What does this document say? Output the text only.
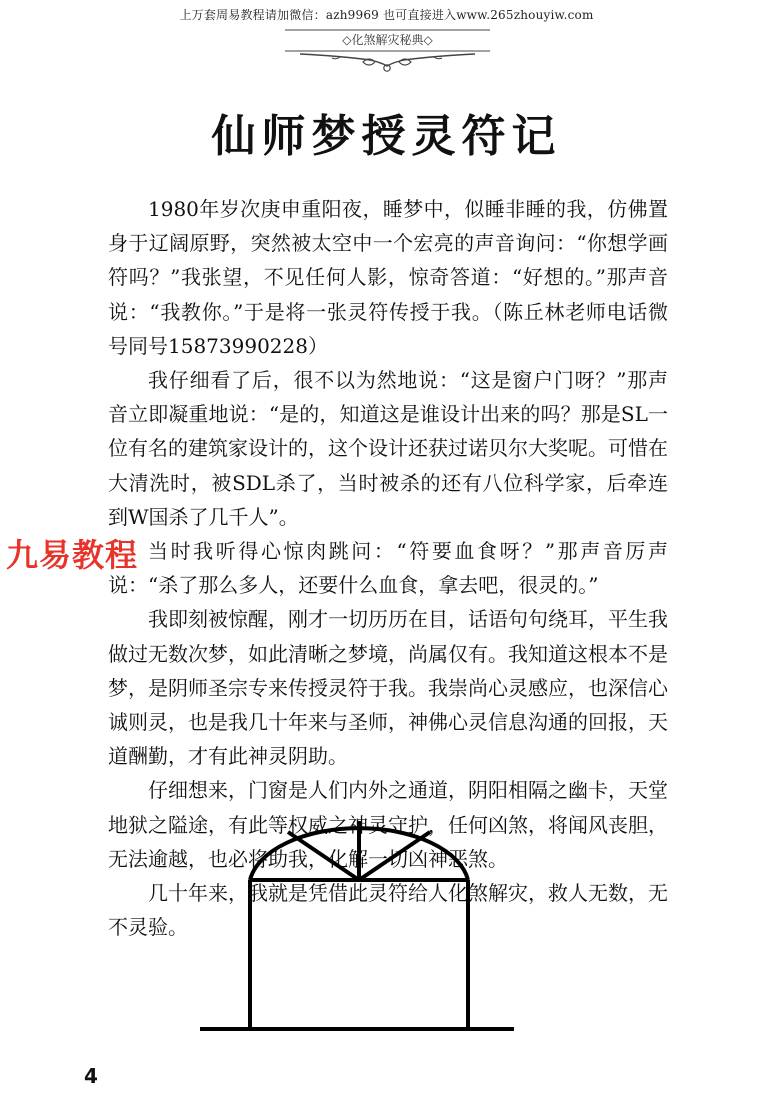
上万套周易教程请加微信：azh9969 也可直接进入www.265zhouyiw.com
◇化煞解灾秘典◇
仙师梦授灵符记

1980年岁次庚申重阳夜，睡梦中，似睡非睡的我，仿佛置身于辽阔原野，突然被太空中一个宏亮的声音询问：“你想学画符吗？”我张望，不见任何人影，惊奇答道：“好想的。”那声音说：“我教你。”于是将一张灵符传授于我。（陈丘林老师电话微号同号15873990228）

我仔细看了后，很不以为然地说：“这是窗户门呀？”那声音立即凝重地说：“是的，知道这是谁设计出来的吗？那是SL一位有名的建筑家设计的，这个设计还获过诺贝尔大奖呢。可惜在大清洗时，被SDL杀了，当时被杀的还有八位科学家，后牵连到W国杀了几千人”。

当时我听得心惊肉跳问：“符要血食呀？”那声音厉声说：“杀了那么多人，还要什么血食，拿去吧，很灵的。”

我即刻被惊醒，刚才一切历历在目，话语句句绕耳，平生我做过无数次梦，如此清晰之梦境，尚属仅有。我知道这根本不是梦，是阴师圣宗专来传授灵符于我。我崇尚心灵感应，也深信心诚则灵，也是我几十年来与圣师，神佛心灵信息沟通的回报，天道酬勤，才有此神灵阴助。

仔细想来，门窗是人们内外之通道，阴阳相隔之幽卡，天堂地狱之隘途，有此等权威之神灵守护，任何凶煞，将闻风丧胆，无法逾越，也必将助我，化解一切凶神恶煞。

几十年来，我就是凭借此灵符给人化煞解灾，救人无数，无不灵验。

九易教程
4
